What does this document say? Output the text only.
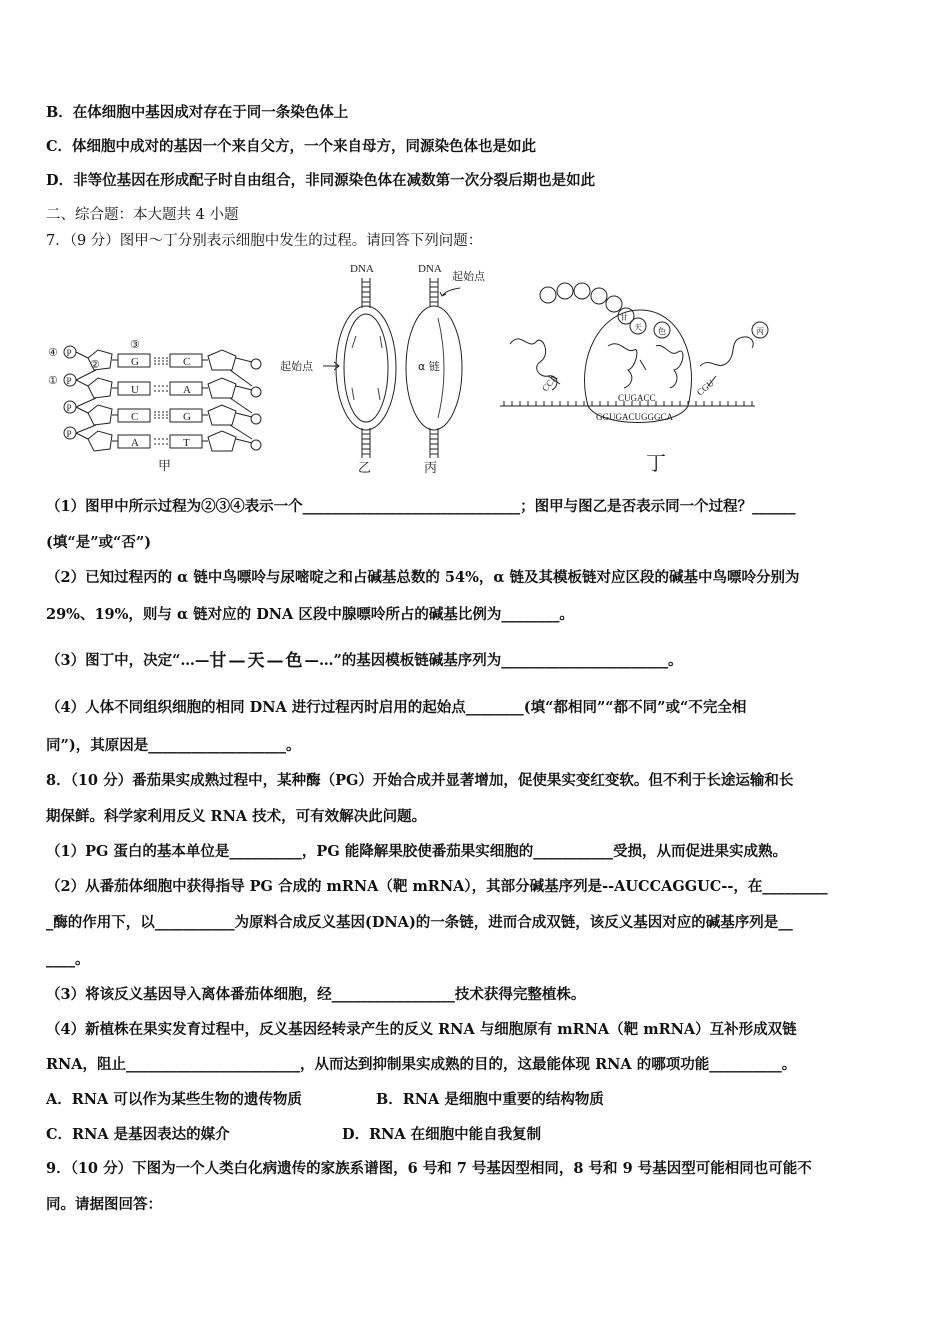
B．在体细胞中基因成对存在于同一条染色体上
C．体细胞中成对的基因一个来自父方，一个来自母方，同源染色体也是如此
D．非等位基因在形成配子时自由组合，非同源染色体在减数第一次分裂后期也是如此
二、综合题：本大题共 4 小题
7．（9 分）图甲～丁分别表示细胞中发生的过程。请回答下列问题：
④
①
③
②
P
P
P
P
G
U
C
A
C
A
G
T
甲
DNA
起始点
乙
DNA
起始点
α 链
丙
甘
天 色	丙
CCA
CUGACC
CGU
GGUGACUGGGCA
丁
（1）图甲中所示过程为②③④表示一个______________________________；图甲与图乙是否表示同一个过程？______
(填“是”或“否”)
（2）已知过程丙的 α 链中鸟嘌呤与尿嘧啶之和占碱基总数的 54%，α 链及其模板链对应区段的碱基中鸟嘌呤分别为
29%、19%，则与 α 链对应的 DNA 区段中腺嘌呤所占的碱基比例为________。
（3）图丁中，决定“…—甘—天—色—…”的基因模板链碱基序列为_______________________。
（4）人体不同组织细胞的相同 DNA 进行过程丙时启用的起始点________(填“都相同”“都不同”或“不完全相
同”)，其原因是___________________。
8．（10 分）番茄果实成熟过程中，某种酶（PG）开始合成并显著增加，促使果实变红变软。但不利于长途运输和长
期保鲜。科学家利用反义 RNA 技术，可有效解决此问题。
（1）PG 蛋白的基本单位是__________，PG 能降解果胶使番茄果实细胞的___________受损，从而促进果实成熟。
（2）从番茄体细胞中获得指导 PG 合成的 mRNA（靶 mRNA），其部分碱基序列是--AUCCAGGUC--，在_________
_酶的作用下，以___________为原料合成反义基因(DNA)的一条链，进而合成双链，该反义基因对应的碱基序列是__
____。
（3）将该反义基因导入离体番茄体细胞，经_________________技术获得完整植株。
（4）新植株在果实发育过程中，反义基因经转录产生的反义 RNA 与细胞原有 mRNA（靶 mRNA）互补形成双链
RNA，阻止________________________，从而达到抑制果实成熟的目的，这最能体现 RNA 的哪项功能__________。
A．RNA 可以作为某些生物的遗传物质	B．RNA 是细胞中重要的结构物质
C．RNA 是基因表达的媒介	D．RNA 在细胞中能自我复制
9．（10 分）下图为一个人类白化病遗传的家族系谱图，6 号和 7 号基因型相同，8 号和 9 号基因型可能相同也可能不
同。请据图回答：
